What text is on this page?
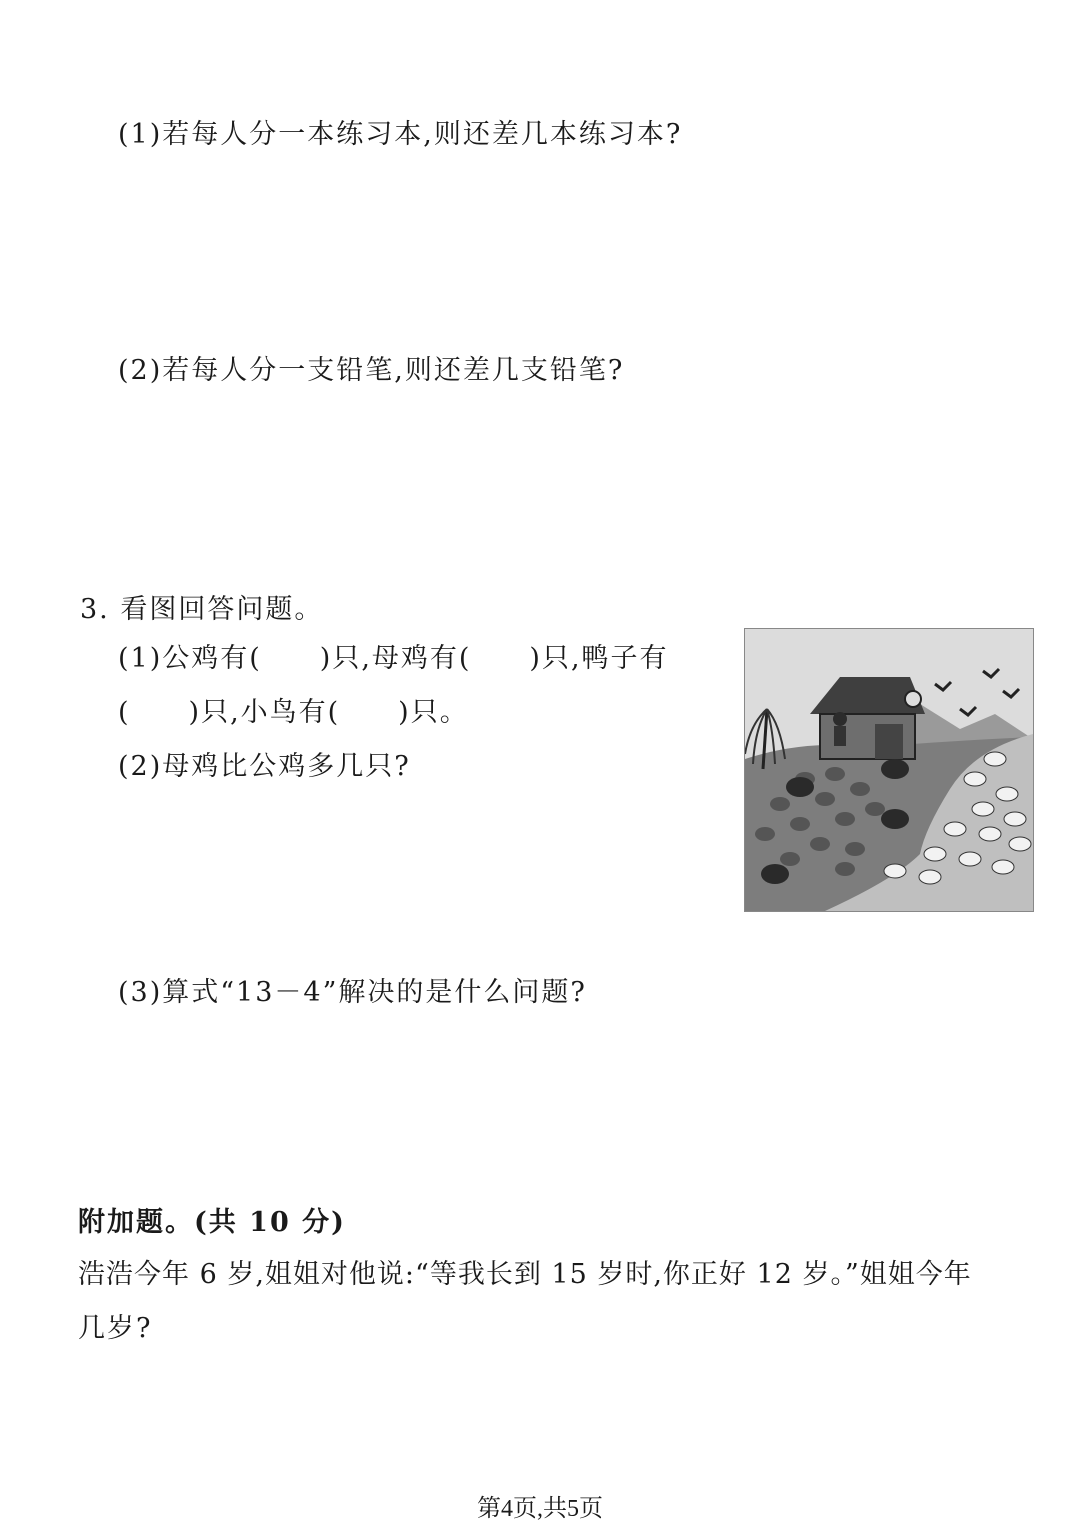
(1)若每人分一本练习本,则还差几本练习本?
(2)若每人分一支铅笔,则还差几支铅笔?
3. 看图回答问题。
(1)公鸡有(　　)只,母鸡有(　　)只,鸭子有
(　　)只,小鸟有(　　)只。
(2)母鸡比公鸡多几只?
(3)算式“13－4”解决的是什么问题?
附加题。(共 10 分)
浩浩今年 6 岁,姐姐对他说:“等我长到 15 岁时,你正好 12 岁。”姐姐今年
几岁?
第4页,共5页
